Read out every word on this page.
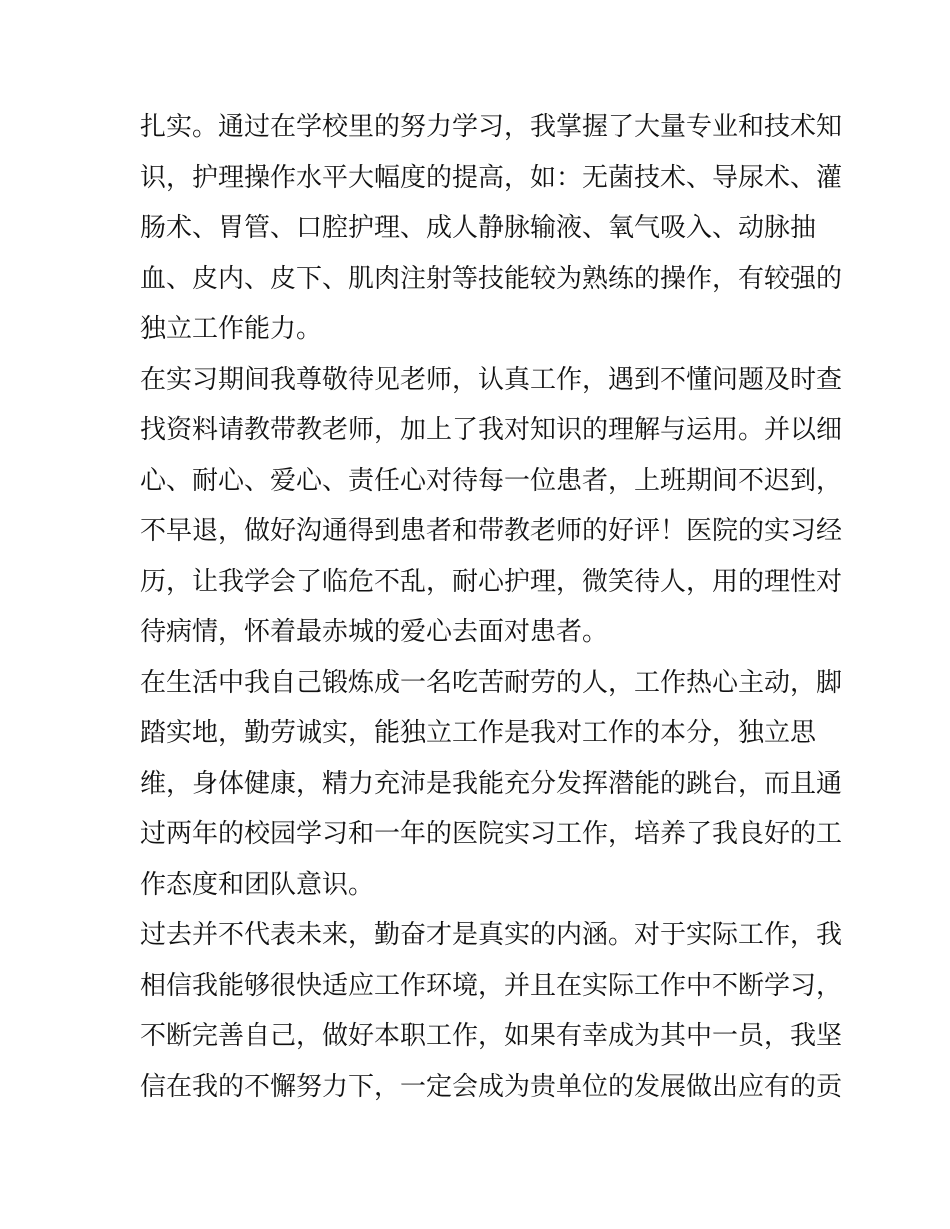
扎实。通过在学校里的努力学习，我掌握了大量专业和技术知
识，护理操作水平大幅度的提高，如：无菌技术、导尿术、灌
肠术、胃管、口腔护理、成人静脉输液、氧气吸入、动脉抽
血、皮内、皮下、肌肉注射等技能较为熟练的操作，有较强的
独立工作能力。
在实习期间我尊敬待见老师，认真工作，遇到不懂问题及时查
找资料请教带教老师，加上了我对知识的理解与运用。并以细
心、耐心、爱心、责任心对待每一位患者，上班期间不迟到，
不早退，做好沟通得到患者和带教老师的好评！医院的实习经
历，让我学会了临危不乱，耐心护理，微笑待人，用的理性对
待病情，怀着最赤城的爱心去面对患者。
在生活中我自己锻炼成一名吃苦耐劳的人，工作热心主动，脚
踏实地，勤劳诚实，能独立工作是我对工作的本分，独立思
维，身体健康，精力充沛是我能充分发挥潜能的跳台，而且通
过两年的校园学习和一年的医院实习工作，培养了我良好的工
作态度和团队意识。
过去并不代表未来，勤奋才是真实的内涵。对于实际工作，我
相信我能够很快适应工作环境，并且在实际工作中不断学习，
不断完善自己，做好本职工作，如果有幸成为其中一员，我坚
信在我的不懈努力下，一定会成为贵单位的发展做出应有的贡
